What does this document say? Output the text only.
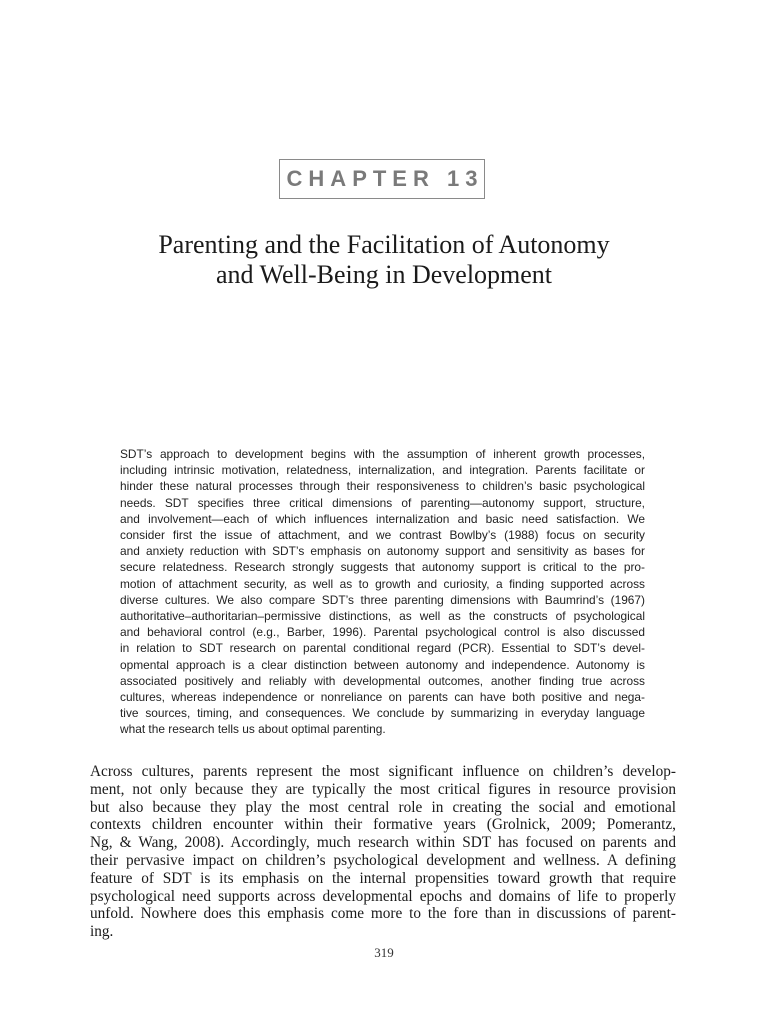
CHAPTER 13
Parenting and the Facilitation of Autonomy
and Well-Being in Development
SDT’s approach to development begins with the assumption of inherent growth processes,
including intrinsic motivation, relatedness, internalization, and integration. Parents facilitate or
hinder these natural processes through their responsiveness to children’s basic psychological
needs. SDT specifies three critical dimensions of parenting—autonomy support, structure,
and involvement—each of which influences internalization and basic need satisfaction. We
consider first the issue of attachment, and we contrast Bowlby’s (1988) focus on security
and anxiety reduction with SDT’s emphasis on autonomy support and sensitivity as bases for
secure relatedness. Research strongly suggests that autonomy support is critical to the pro-
motion of attachment security, as well as to growth and curiosity, a finding supported across
diverse cultures. We also compare SDT’s three parenting dimensions with Baumrind’s (1967)
authoritative–authoritarian–permissive distinctions, as well as the constructs of psychological
and behavioral control (e.g., Barber, 1996). Parental psychological control is also discussed
in relation to SDT research on parental conditional regard (PCR). Essential to SDT’s devel-
opmental approach is a clear distinction between autonomy and independence. Autonomy is
associated positively and reliably with developmental outcomes, another finding true across
cultures, whereas independence or nonreliance on parents can have both positive and nega-
tive sources, timing, and consequences. We conclude by summarizing in everyday language
what the research tells us about optimal parenting.
Across cultures, parents represent the most significant influence on children’s develop-
ment, not only because they are typically the most critical figures in resource provision
but also because they play the most central role in creating the social and emotional
contexts children encounter within their formative years (Grolnick, 2009; Pomerantz,
Ng, & Wang, 2008). Accordingly, much research within SDT has focused on parents and
their pervasive impact on children’s psychological development and wellness. A defining
feature of SDT is its emphasis on the internal propensities toward growth that require
psychological need supports across developmental epochs and domains of life to properly
unfold. Nowhere does this emphasis come more to the fore than in discussions of parent-
ing.
319
